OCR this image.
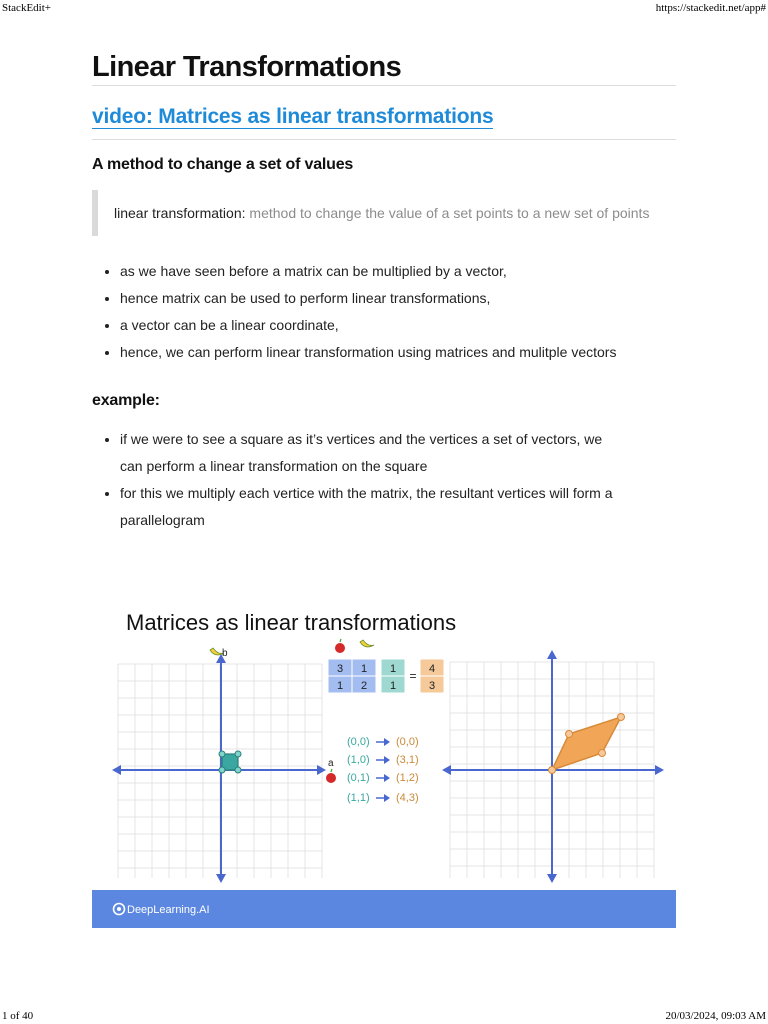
StackEdit+	https://stackedit.net/app#
Linear Transformations
video: Matrices as linear transformations
A method to change a set of values
linear transformation: method to change the value of a set points to a new set of points
• as we have seen before a matrix can be multiplied by a vector,
• hence matrix can be used to perform linear transformations,
• a vector can be a linear coordinate,
• hence, we can perform linear transformation using matrices and mulitple vectors
example:
• if we were to see a square as it’s vertices and the vertices a set of vectors, we can perform a linear transformation on the square
• for this we multiply each vertice with the matrix, the resultant vertices will form a parallelogram
Matrices as linear transformations
b
a
3 1
1 2
1
1
= 4
3
(0,0)
(1,0)
(0,1)
(1,1)
(0,0)
(3,1)
(1,2)
(4,3)
DeepLearning.AI
1 of 40	20/03/2024, 09:03 AM
